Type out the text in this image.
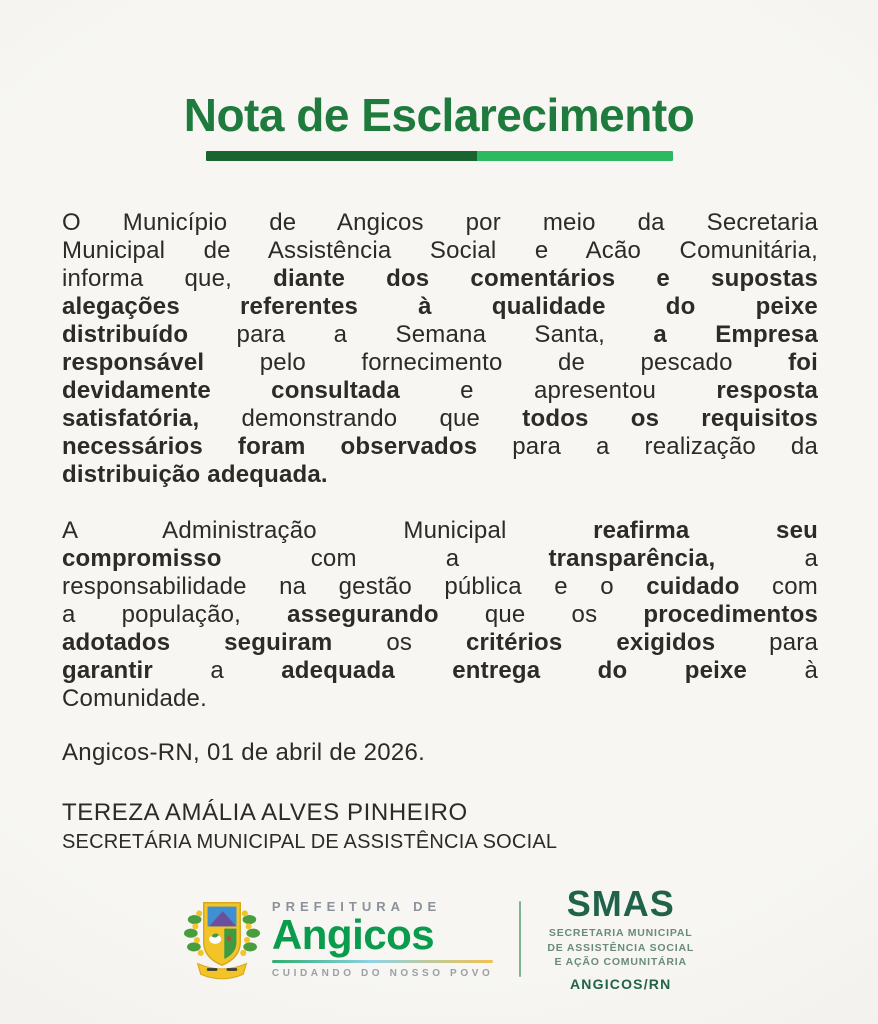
Nota de Esclarecimento
O Município de Angicos por meio da Secretaria
Municipal de Assistência Social e Acão Comunitária,
informa que, diante dos comentários e supostas
alegações referentes à qualidade do peixe
distribuído para a Semana Santa, a Empresa
responsável pelo fornecimento de pescado foi
devidamente consultada	e apresentou	resposta
satisfatória, demonstrando que todos os requisitos
necessários foram observados para a realização da
distribuição adequada.
A Administração Municipal	reafirma seu
compromisso	com a	transparência,	a
responsabilidade na gestão pública e o cuidado com
a população, assegurando que os procedimentos
adotados seguiram os critérios exigidos para
garantir a adequada entrega do peixe à
Comunidade.
Angicos-RN, 01 de abril de 2026.
TEREZA AMÁLIA ALVES PINHEIRO
SECRETÁRIA MUNICIPAL DE ASSISTÊNCIA SOCIAL
PREFEITURA DE
Angicos
CUIDANDO DO NOSSO POVO
SMAS
SECRETARIA MUNICIPAL
DE ASSISTÊNCIA SOCIAL
E AÇÃO COMUNITÁRIA
ANGICOS/RN
